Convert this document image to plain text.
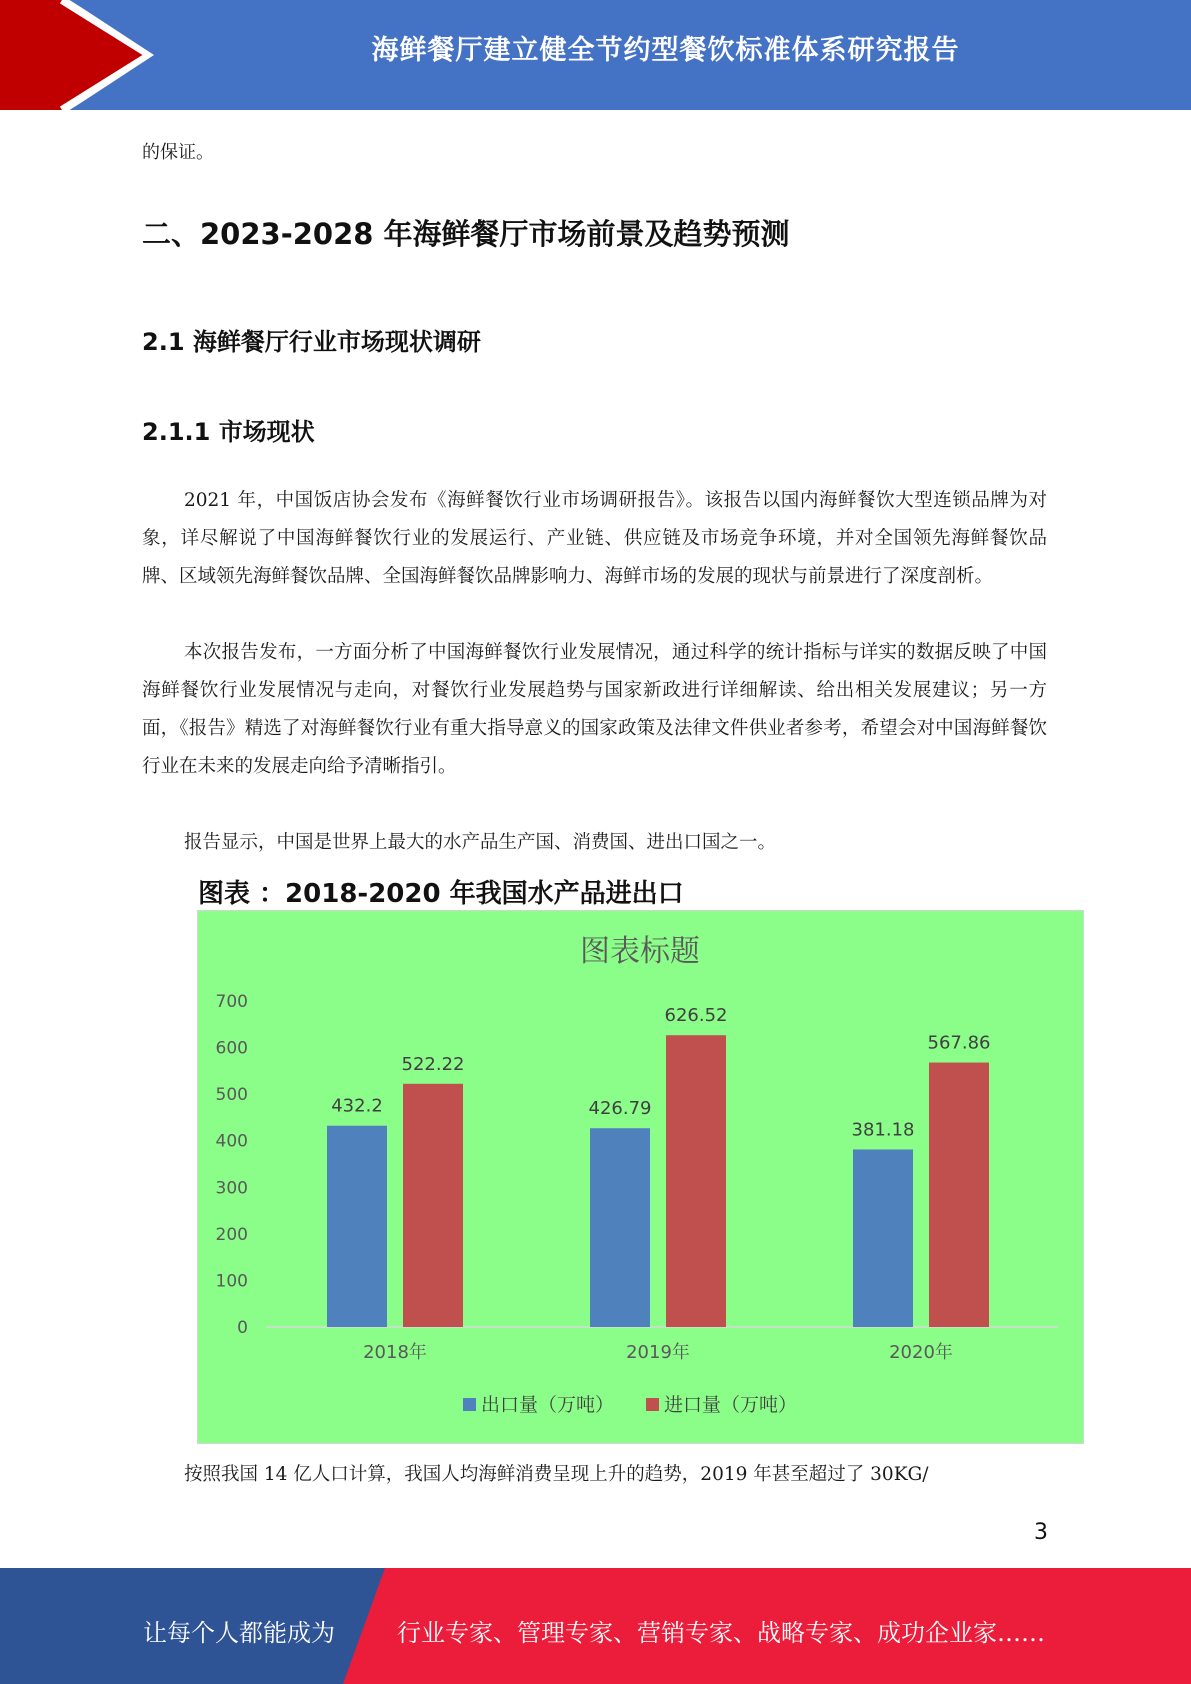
海鲜餐厅建立健全节约型餐饮标准体系研究报告
的保证。
二、2023-2028 年海鲜餐厅市场前景及趋势预测
2.1 海鲜餐厅行业市场现状调研
2.1.1 市场现状
2021 年，中国饭店协会发布《海鲜餐饮行业市场调研报告》。该报告以国内海鲜餐饮大型连锁品牌为对象，详尽解说了中国海鲜餐饮行业的发展运行、产业链、供应链及市场竞争环境，并对全国领先海鲜餐饮品牌、区域领先海鲜餐饮品牌、全国海鲜餐饮品牌影响力、海鲜市场的发展的现状与前景进行了深度剖析。
本次报告发布，一方面分析了中国海鲜餐饮行业发展情况，通过科学的统计指标与详实的数据反映了中国海鲜餐饮行业发展情况与走向，对餐饮行业发展趋势与国家新政进行详细解读、给出相关发展建议；另一方面，《报告》精选了对海鲜餐饮行业有重大指导意义的国家政策及法律文件供业者参考，希望会对中国海鲜餐饮行业在未来的发展走向给予清晰指引。
报告显示，中国是世界上最大的水产品生产国、消费国、进出口国之一。
图表 ：2018-2020 年我国水产品进出口
图表标题
0
100
200
300
400
500
600
700
432.2
522.22
426.79
626.52
381.18
567.86
2018年	2019年	2020年
出口量（万吨）	进口量（万吨）
3
按照我国 14 亿人口计算，我国人均海鲜消费呈现上升的趋势，2019 年甚至超过了 30KG/
让每个人都能成为	行业专家、管理专家、营销专家、战略专家、成功企业家……
